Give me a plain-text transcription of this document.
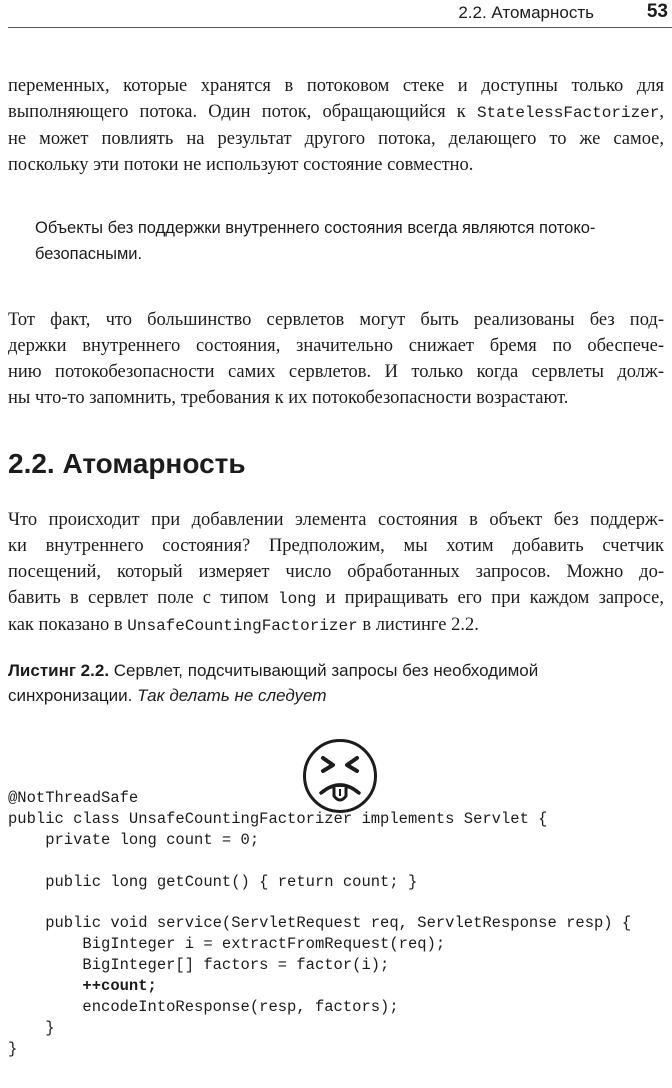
2.2. Атомарность	53
переменных, которые хранятся в потоковом стеке и доступны только для
выполняющего потока. Один поток, обращающийся к StatelessFactorizer,
не может повлиять на результат другого потока, делающего то же самое,
поскольку эти потоки не используют состояние совместно.
Объекты без поддержки внутреннего состояния всегда являются потоко-
безопасными.
Тот факт, что большинство сервлетов могут быть реализованы без под-
держки внутреннего состояния, значительно снижает бремя по обеспече-
нию потокобезопасности самих сервлетов. И только когда сервлеты долж-
ны что-то запомнить, требования к их потокобезопасности возрастают.
2.2. Атомарность
Что происходит при добавлении элемента состояния в объект без поддерж-
ки внутреннего состояния? Предположим, мы хотим добавить счетчик
посещений, который измеряет число обработанных запросов. Можно до-
бавить в сервлет поле с типом long и приращивать его при каждом запросе,
как показано в UnsafeCountingFactorizer в листинге 2.2.
Листинг 2.2. Сервлет, подсчитывающий запросы без необходимой
синхронизации. Так делать не следует
@NotThreadSafe
public class UnsafeCountingFactorizer implements Servlet {
private long count = 0;
public long getCount() { return count; }
public void service(ServletRequest req, ServletResponse resp) {
BigInteger i = extractFromRequest(req);
BigInteger[] factors = factor(i);
++count;
encodeIntoResponse(resp, factors);
}
}
